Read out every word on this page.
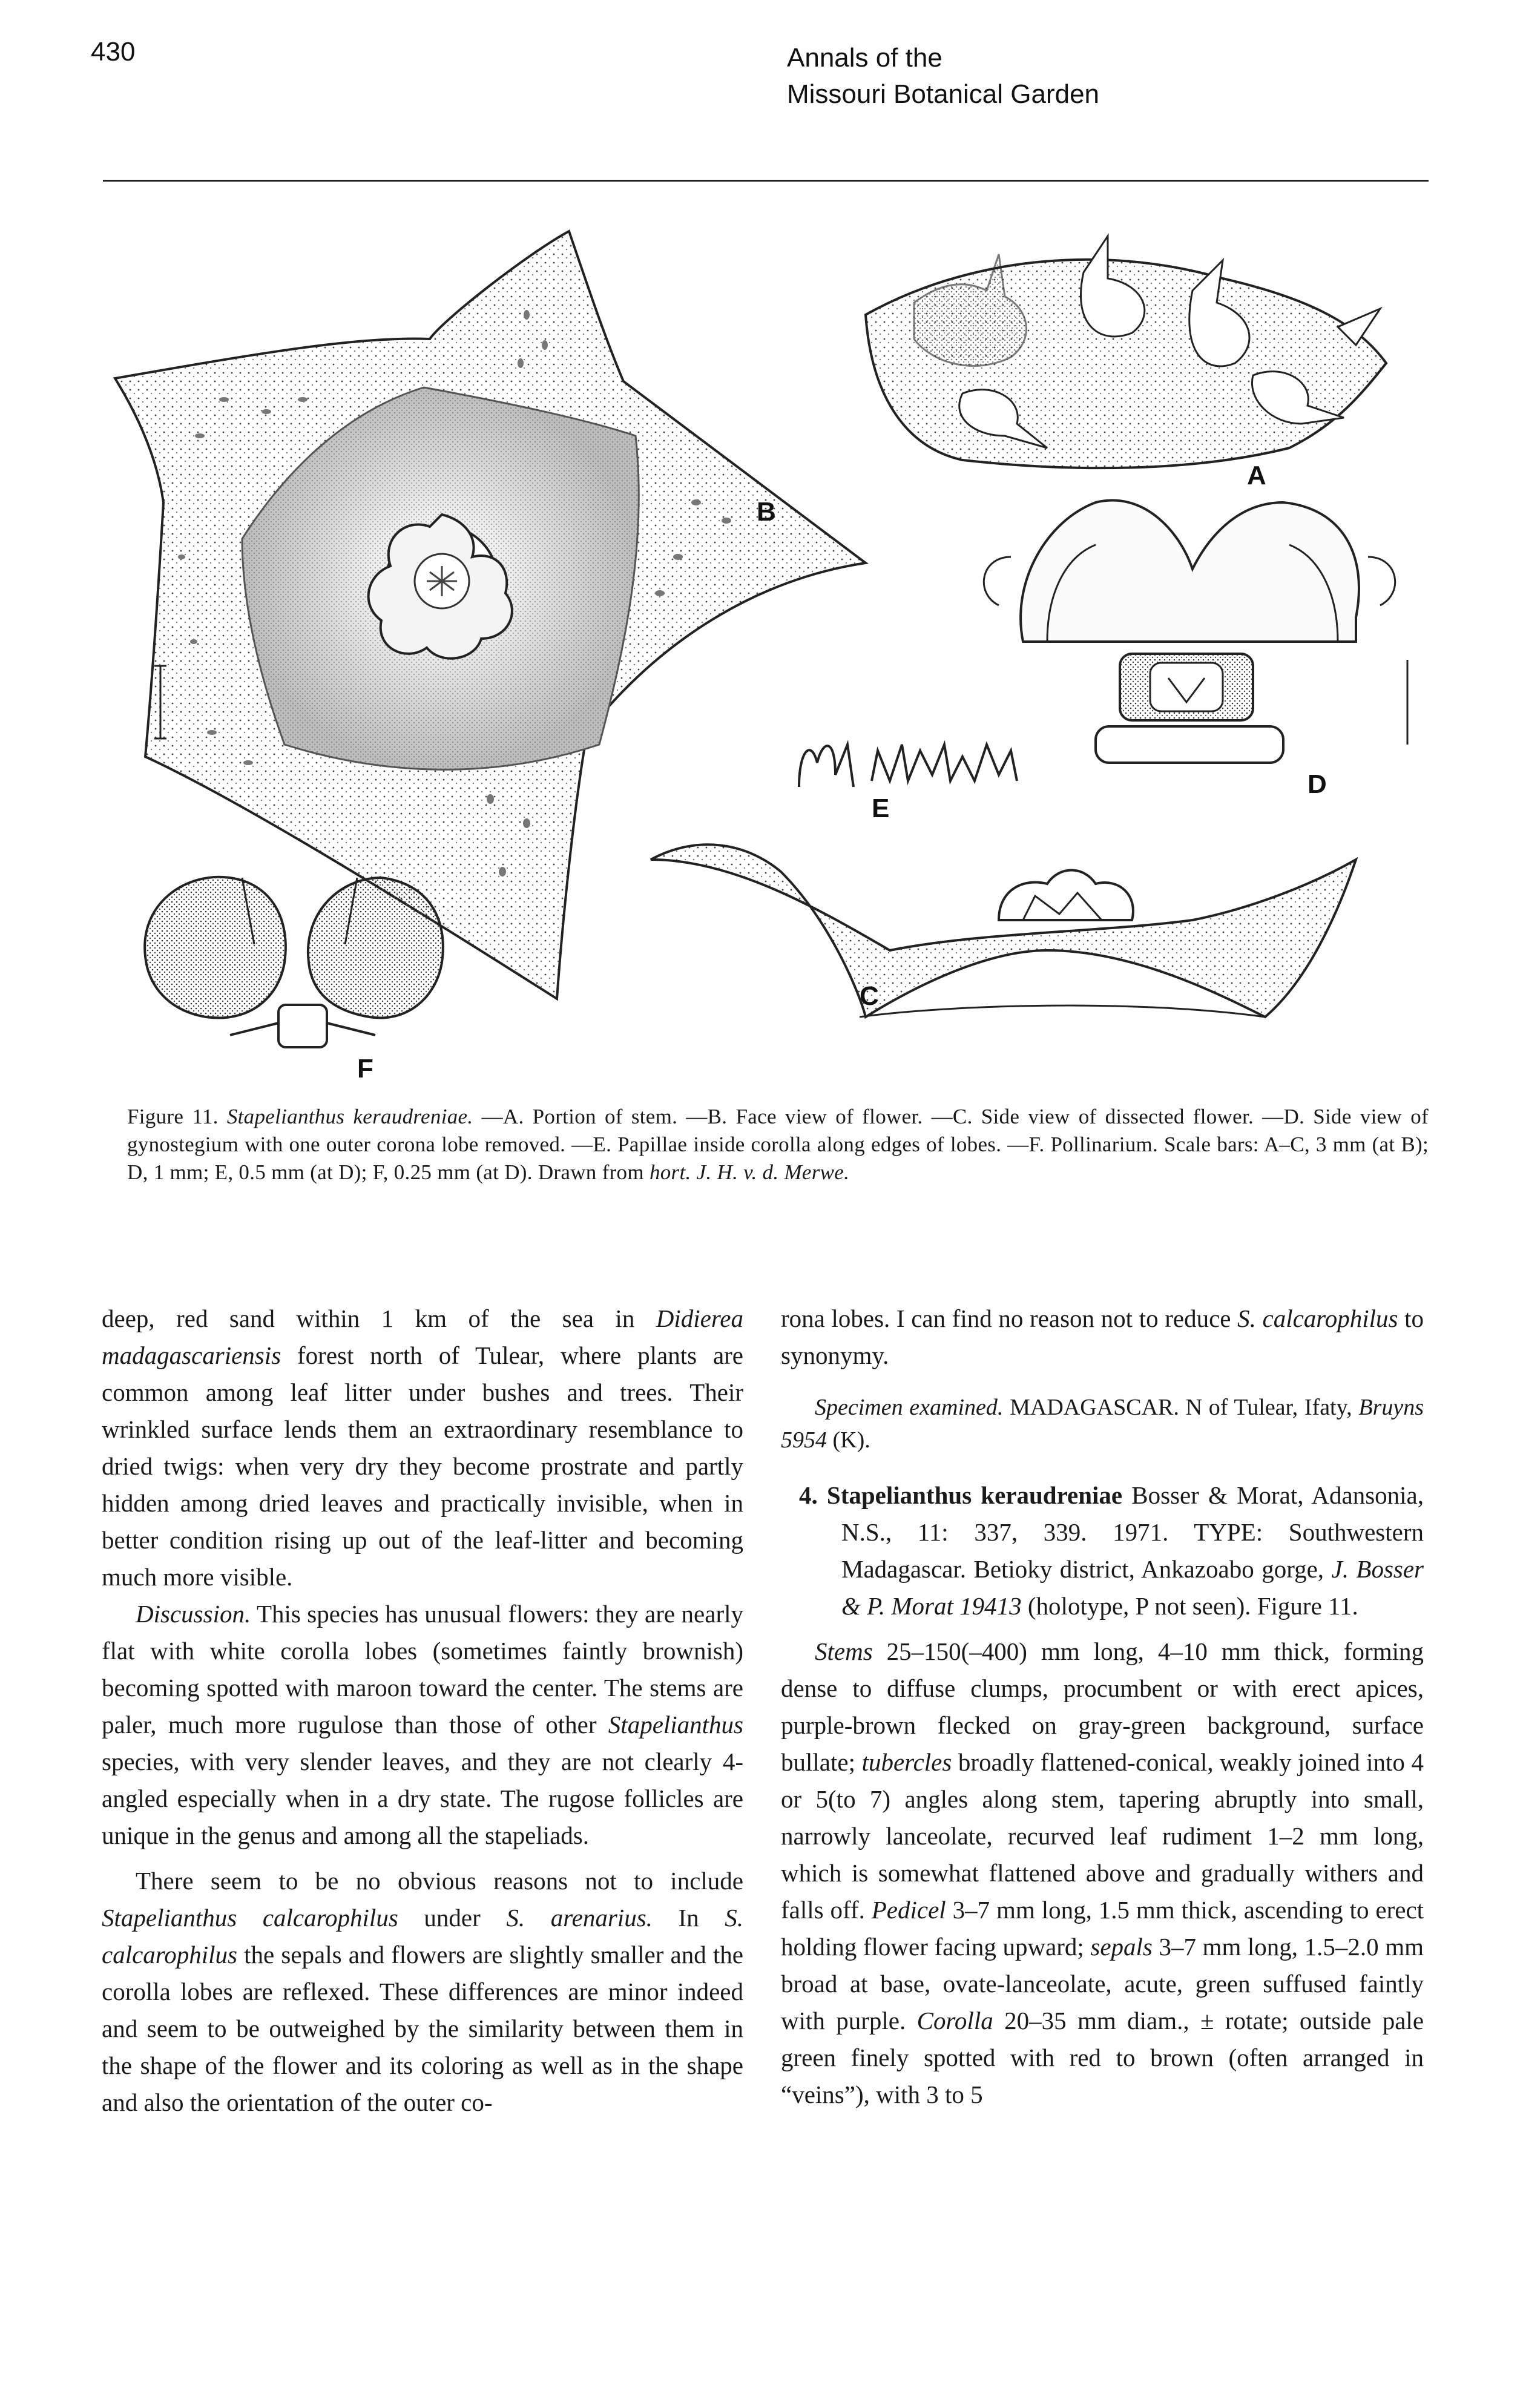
430	Annals of the
Missouri Botanical Garden
B
A
D
E
C
F
Figure 11. Stapelianthus keraudreniae. —A. Portion of stem. —B. Face view of flower. —C. Side view of dissected flower. —D. Side view of gynostegium with one outer corona lobe removed. —E. Papillae inside corolla along edges of lobes. —F. Pollinarium. Scale bars: A–C, 3 mm (at B); D, 1 mm; E, 0.5 mm (at D); F, 0.25 mm (at D). Drawn from hort. J. H. v. d. Merwe.

deep, red sand within 1 km of the sea in Didierea madagascariensis forest north of Tulear, where plants are common among leaf litter under bushes and trees. Their wrinkled surface lends them an extraordinary resemblance to dried twigs: when very dry they become prostrate and partly hidden among dried leaves and practically invisible, when in better condition rising up out of the leaf-litter and becoming much more visible.

Discussion. This species has unusual flowers: they are nearly flat with white corolla lobes (sometimes faintly brownish) becoming spotted with maroon toward the center. The stems are paler, much more rugulose than those of other Stapelianthus species, with very slender leaves, and they are not clearly 4-angled especially when in a dry state. The rugose follicles are unique in the genus and among all the stapeliads.

There seem to be no obvious reasons not to include Stapelianthus calcarophilus under S. arenarius. In S. calcarophilus the sepals and flowers are slightly smaller and the corolla lobes are reflexed. These differences are minor indeed and seem to be outweighed by the similarity between them in the shape of the flower and its coloring as well as in the shape and also the orientation of the outer co-

rona lobes. I can find no reason not to reduce S. calcarophilus to synonymy.

Specimen examined. MADAGASCAR. N of Tulear, Ifaty, Bruyns 5954 (K).

4. Stapelianthus keraudreniae Bosser & Morat, Adansonia, N.S., 11: 337, 339. 1971. TYPE: Southwestern Madagascar. Betioky district, Ankazoabo gorge, J. Bosser & P. Morat 19413 (holotype, P not seen). Figure 11.

Stems 25–150(–400) mm long, 4–10 mm thick, forming dense to diffuse clumps, procumbent or with erect apices, purple-brown flecked on gray-green background, surface bullate; tubercles broadly flattened-conical, weakly joined into 4 or 5(to 7) angles along stem, tapering abruptly into small, narrowly lanceolate, recurved leaf rudiment 1–2 mm long, which is somewhat flattened above and gradually withers and falls off. Pedicel 3–7 mm long, 1.5 mm thick, ascending to erect holding flower facing upward; sepals 3–7 mm long, 1.5–2.0 mm broad at base, ovate-lanceolate, acute, green suffused faintly with purple. Corolla 20–35 mm diam., ± rotate; outside pale green finely spotted with red to brown (often arranged in “veins”), with 3 to 5
